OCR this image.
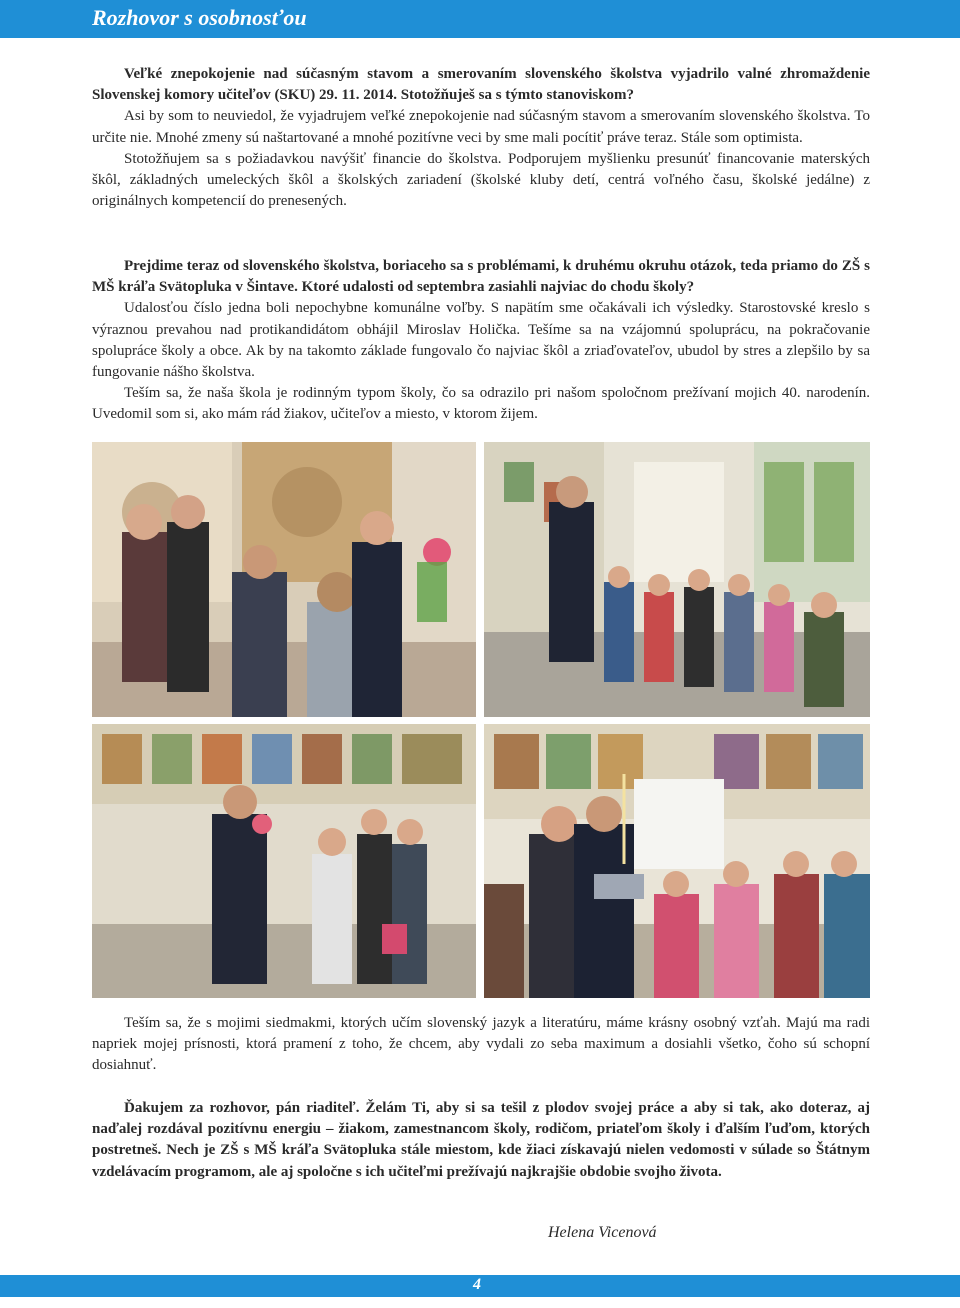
Rozhovor s osobnosťou

Veľké znepokojenie nad súčasným stavom a smerovaním slovenského školstva vyjadrilo valné zhromaždenie Slovenskej komory učiteľov (SKU) 29. 11. 2014. Stotožňuješ sa s týmto stanoviskom?

Asi by som to neuviedol, že vyjadrujem veľké znepokojenie nad súčasným stavom a smerovaním slovenského školstva. To určite nie. Mnohé zmeny sú naštartované a mnohé pozitívne veci by sme mali pocítiť práve teraz. Stále som optimista.

Stotožňujem sa s požiadavkou navýšiť financie do školstva. Podporujem myšlienku presunúť financovanie materských škôl, základných umeleckých škôl a školských zariadení (školské kluby detí, centrá voľného času, školské jedálne) z originálnych kompetencií do prenesených.

Prejdime teraz od slovenského školstva, boriaceho sa s problémami, k druhému okruhu otázok, teda priamo do ZŠ s MŠ kráľa Svätopluka v Šintave. Ktoré udalosti od septembra zasiahli najviac do chodu školy?

Udalosťou číslo jedna boli nepochybne komunálne voľby. S napätím sme očakávali ich výsledky. Starostovské kreslo s výraznou prevahou nad protikandidátom obhájil Miroslav Holička. Tešíme sa na vzájomnú spoluprácu, na pokračovanie spolupráce školy a obce. Ak by na takomto základe fungovalo čo najviac škôl a zriaďovateľov, ubudol by stres a zlepšilo by sa fungovanie nášho školstva.

Teším sa, že naša škola je rodinným typom školy, čo sa odrazilo pri našom spoločnom prežívaní mojich 40. narodenín. Uvedomil som si, ako mám rád žiakov, učiteľov a miesto, v ktorom žijem.

Teším sa, že s mojimi siedmakmi, ktorých učím slovenský jazyk a literatúru, máme krásny osobný vzťah. Majú ma radi napriek mojej prísnosti, ktorá pramení z toho, že chcem, aby vydali zo seba maximum a dosiahli všetko, čoho sú schopní dosiahnuť.

Ďakujem za rozhovor, pán riaditeľ. Želám Ti, aby si sa tešil z plodov svojej práce a aby si tak, ako doteraz, aj naďalej rozdával pozitívnu energiu – žiakom, zamestnancom školy, rodičom, priateľom školy i ďalším ľuďom, ktorých postretneš. Nech je ZŠ s MŠ kráľa Svätopluka stále miestom, kde žiaci získavajú nielen vedomosti v súlade so Štátnym vzdelávacím programom, ale aj spoločne s ich učiteľmi prežívajú najkrajšie obdobie svojho života.

Helena Vicenová
4
